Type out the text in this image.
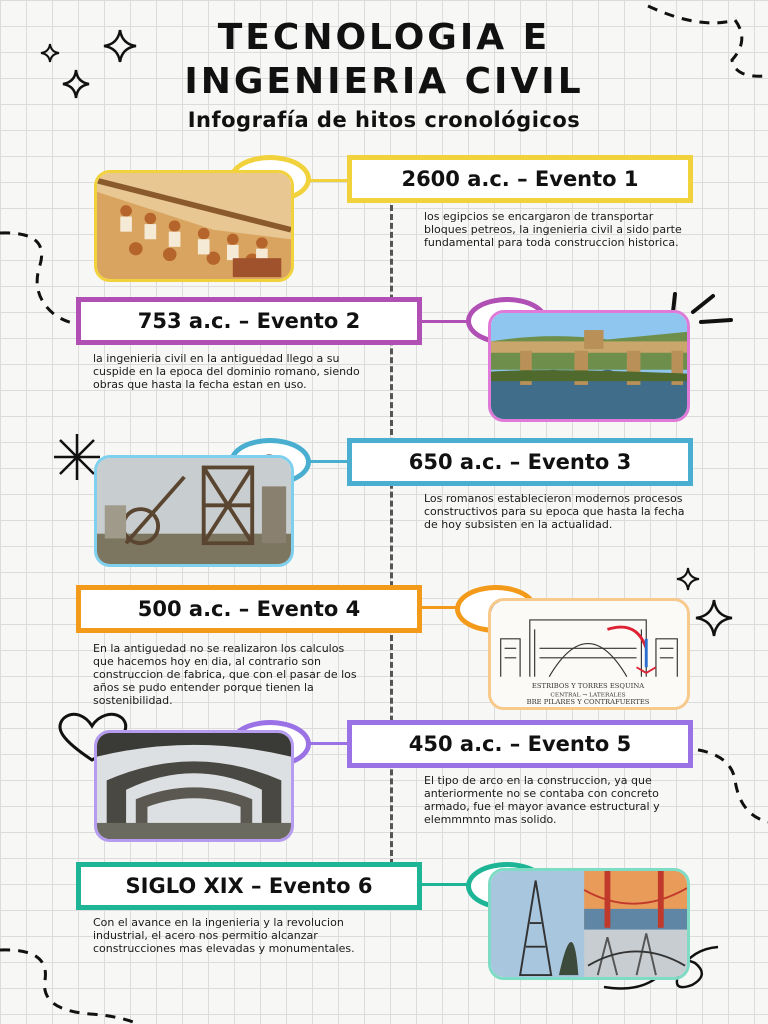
TECNOLOGIA E
INGENIERIA CIVIL
Infografía de hitos cronológicos
2600 a.c. – Evento 1
los egipcios se encargaron de transportar bloques petreos, la ingenieria civil a sido parte fundamental para toda construccion historica.
753 a.c. – Evento 2
la ingenieria civil en la antiguedad llego a su cuspide en la epoca del dominio romano, siendo obras que hasta la fecha estan en uso.
650 a.c. – Evento 3
Los romanos establecieron modernos procesos constructivos para su epoca que hasta la fecha de hoy subsisten en la actualidad.
500 a.c. – Evento 4
En la antiguedad no se realizaron los calculos que hacemos hoy en dia, al contrario son construccion de fabrica, que con el pasar de los años se pudo entender porque tienen la sostenibilidad.
ESTRIBOS Y TORRES ESQUINA
CENTRAL → LATERALES
BRE PILARES Y CONTRAFUERTES
450 a.c. – Evento 5
El tipo de arco en la construccion, ya que anteriormente no se contaba con concreto armado, fue el mayor avance estructural y elemmmnto mas solido.
SIGLO XIX – Evento 6
Con el avance en la ingenieria y la revolucion industrial, el acero nos permitio alcanzar construcciones mas elevadas y monumentales.
